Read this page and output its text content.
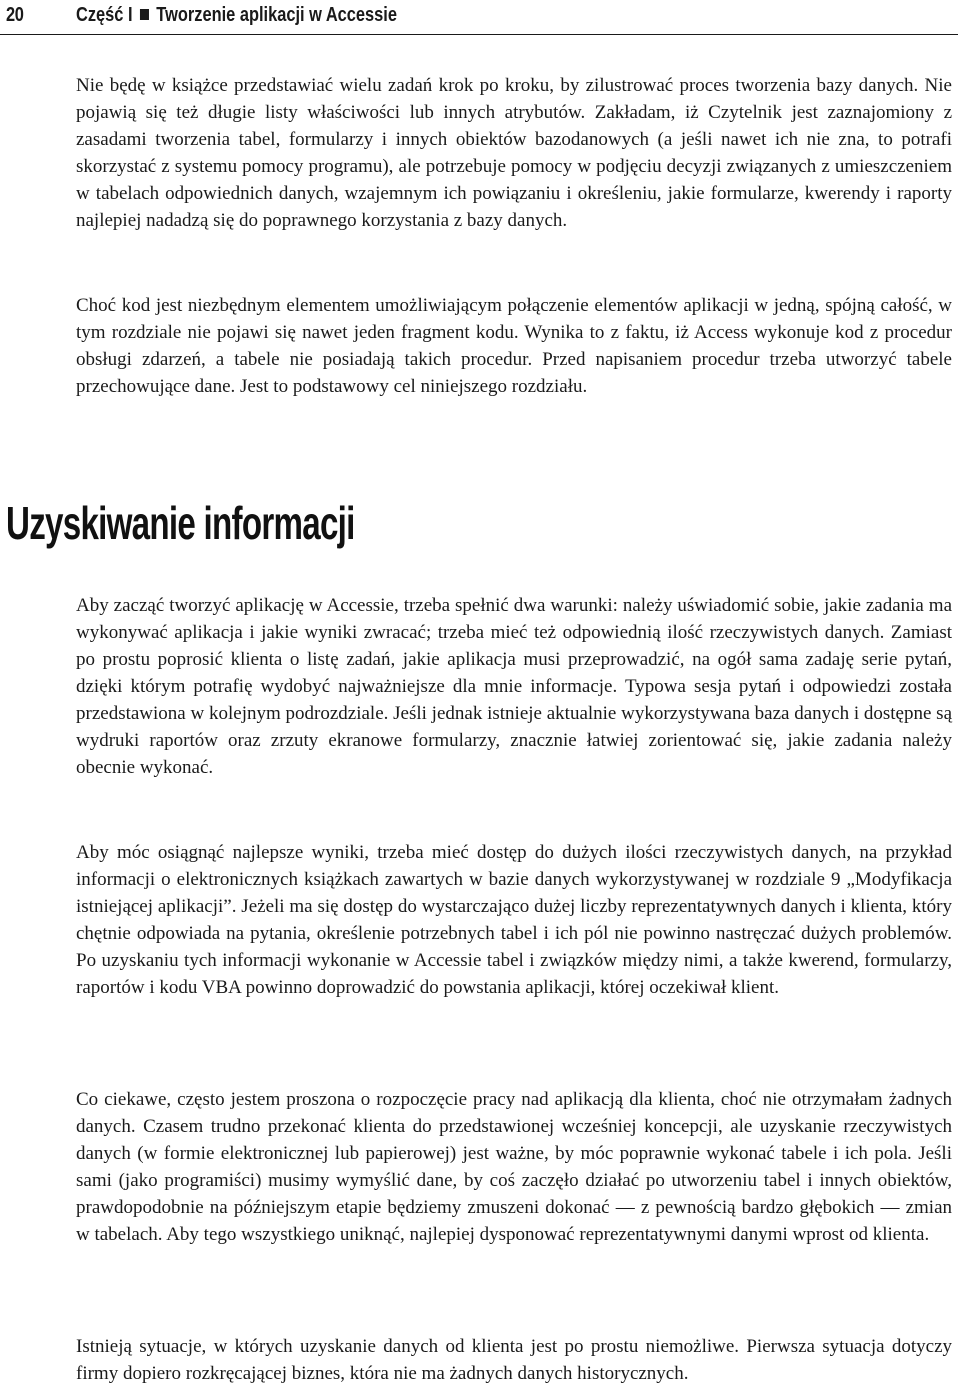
20	Część I Tworzenie aplikacji w Accessie

Nie będę w książce przedstawiać wielu zadań krok po kroku, by zilustrować proces tworzenia bazy danych. Nie pojawią się też długie listy właściwości lub innych atrybutów. Zakładam, iż Czytelnik jest zaznajomiony z zasadami tworzenia tabel, formularzy i innych obiektów bazodanowych (a jeśli nawet ich nie zna, to potrafi skorzystać z systemu pomocy programu), ale potrzebuje pomocy w podjęciu decyzji związanych z umieszczeniem w tabelach odpowiednich danych, wzajemnym ich powiązaniu i określeniu, jakie formularze, kwerendy i raporty najlepiej nadadzą się do poprawnego korzystania z bazy danych.

Choć kod jest niezbędnym elementem umożliwiającym połączenie elementów aplikacji w jedną, spójną całość, w tym rozdziale nie pojawi się nawet jeden fragment kodu. Wynika to z faktu, iż Access wykonuje kod z procedur obsługi zdarzeń, a tabele nie posiadają takich procedur. Przed napisaniem procedur trzeba utworzyć tabele przechowujące dane. Jest to podstawowy cel niniejszego rozdziału.

Uzyskiwanie informacji

Aby zacząć tworzyć aplikację w Accessie, trzeba spełnić dwa warunki: należy uświadomić sobie, jakie zadania ma wykonywać aplikacja i jakie wyniki zwracać; trzeba mieć też odpowiednią ilość rzeczywistych danych. Zamiast po prostu poprosić klienta o listę zadań, jakie aplikacja musi przeprowadzić, na ogół sama zadaję serie pytań, dzięki którym potrafię wydobyć najważniejsze dla mnie informacje. Typowa sesja pytań i odpowiedzi została przedstawiona w kolejnym podrozdziale. Jeśli jednak istnieje aktualnie wykorzystywana baza danych i dostępne są wydruki raportów oraz zrzuty ekranowe formularzy, znacznie łatwiej zorientować się, jakie zadania należy obecnie wykonać.

Aby móc osiągnąć najlepsze wyniki, trzeba mieć dostęp do dużych ilości rzeczywistych danych, na przykład informacji o elektronicznych książkach zawartych w bazie danych wykorzystywanej w rozdziale 9 „Modyfikacja istniejącej aplikacji”. Jeżeli ma się dostęp do wystarczająco dużej liczby reprezentatywnych danych i klienta, który chętnie odpowiada na pytania, określenie potrzebnych tabel i ich pól nie powinno nastręczać dużych problemów. Po uzyskaniu tych informacji wykonanie w Accessie tabel i związków między nimi, a także kwerend, formularzy, raportów i kodu VBA powinno doprowadzić do powstania aplikacji, której oczekiwał klient.

Co ciekawe, często jestem proszona o rozpoczęcie pracy nad aplikacją dla klienta, choć nie otrzymałam żadnych danych. Czasem trudno przekonać klienta do przedstawionej wcześniej koncepcji, ale uzyskanie rzeczywistych danych (w formie elektronicznej lub papierowej) jest ważne, by móc poprawnie wykonać tabele i ich pola. Jeśli sami (jako programiści) musimy wymyślić dane, by coś zaczęło działać po utworzeniu tabel i innych obiektów, prawdopodobnie na późniejszym etapie będziemy zmuszeni dokonać — z pewnością bardzo głębokich — zmian w tabelach. Aby tego wszystkiego uniknąć, najlepiej dysponować reprezentatywnymi danymi wprost od klienta.

Istnieją sytuacje, w których uzyskanie danych od klienta jest po prostu niemożliwe. Pierwsza sytuacja dotyczy firmy dopiero rozkręcającej biznes, która nie ma żadnych danych historycznych.
